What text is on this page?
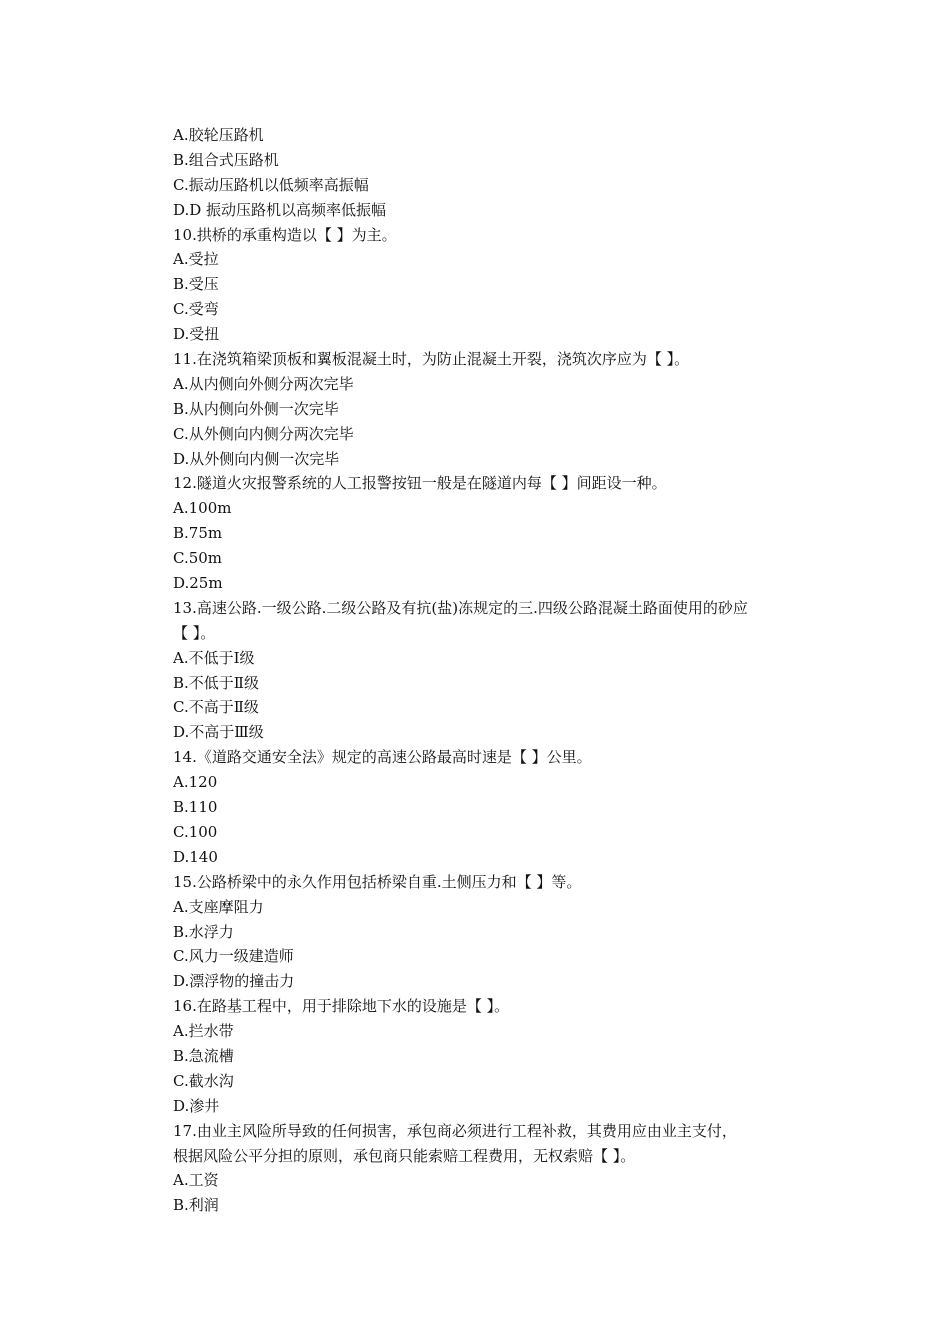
A.胶轮压路机
B.组合式压路机
C.振动压路机以低频率高振幅
D.D 振动压路机以高频率低振幅
10.拱桥的承重构造以【 】为主。
A.受拉
B.受压
C.受弯
D.受扭
11.在浇筑箱梁顶板和翼板混凝土时，为防止混凝土开裂，浇筑次序应为【 】。
A.从内侧向外侧分两次完毕
B.从内侧向外侧一次完毕
C.从外侧向内侧分两次完毕
D.从外侧向内侧一次完毕
12.隧道火灾报警系统的人工报警按钮一般是在隧道内每【 】间距设一种。
A.100m
B.75m
C.50m
D.25m
13.高速公路.一级公路.二级公路及有抗(盐)冻规定的三.四级公路混凝土路面使用的砂应
【 】。
A.不低于Ⅰ级
B.不低于Ⅱ级
C.不高于Ⅱ级
D.不高于Ⅲ级
14.《道路交通安全法》规定的高速公路最高时速是【 】公里。
A.120
B.110
C.100
D.140
15.公路桥梁中的永久作用包括桥梁自重.土侧压力和【 】等。
A.支座摩阻力
B.水浮力
C.风力一级建造师
D.漂浮物的撞击力
16.在路基工程中，用于排除地下水的设施是【 】。
A.拦水带
B.急流槽
C.截水沟
D.渗井
17.由业主风险所导致的任何损害，承包商必须进行工程补救，其费用应由业主支付，
根据风险公平分担的原则，承包商只能索赔工程费用，无权索赔【 】。
A.工资
B.利润
